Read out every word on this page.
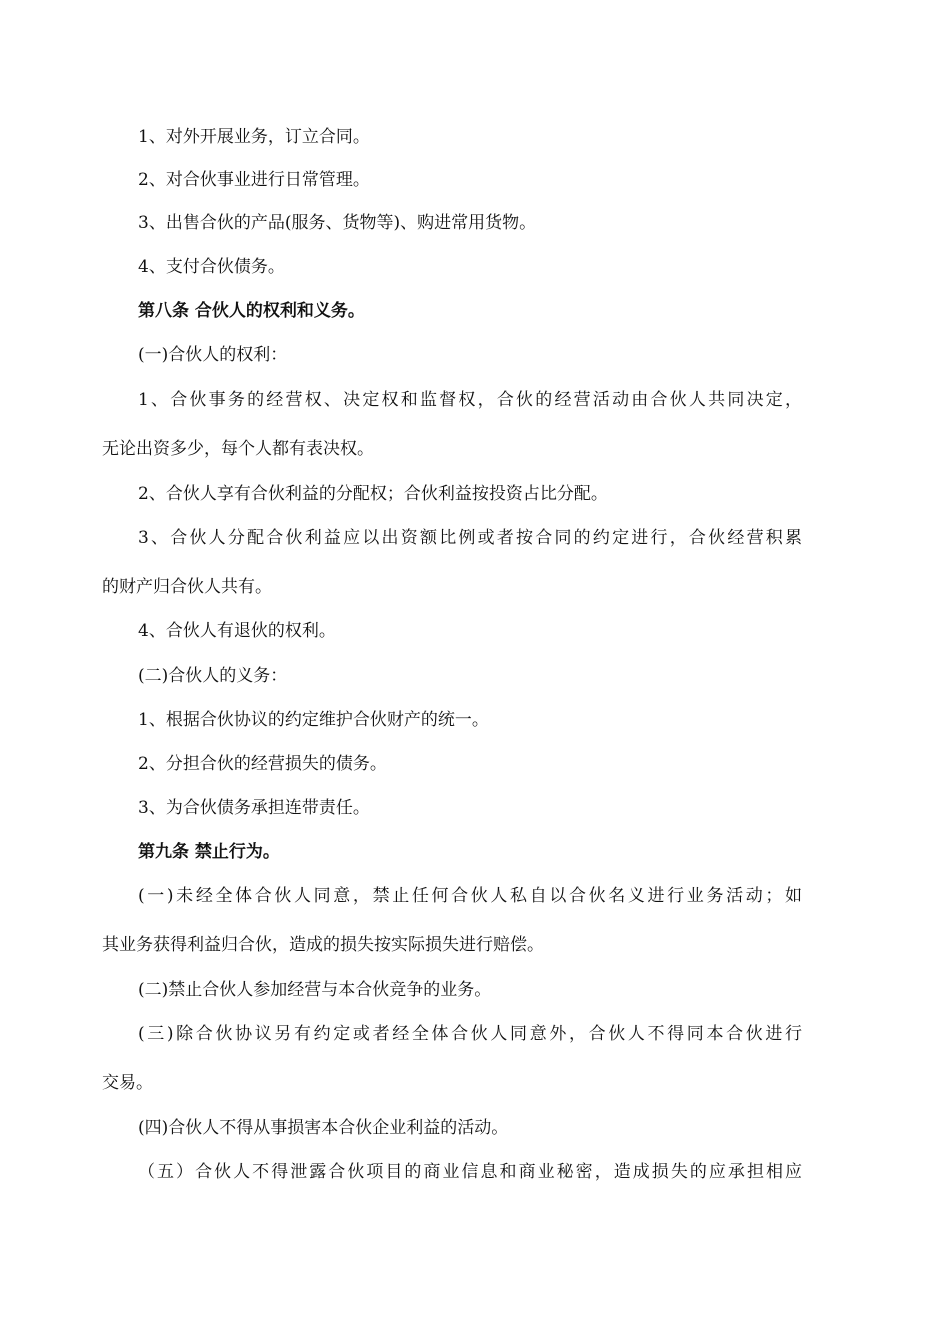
1、对外开展业务，订立合同。
2、对合伙事业进行日常管理。
3、出售合伙的产品(服务、货物等)、购进常用货物。
4、支付合伙债务。
第八条 合伙人的权利和义务。
(一)合伙人的权利：
1、合伙事务的经营权、决定权和监督权，合伙的经营活动由合伙人共同决定，
无论出资多少，每个人都有表决权。
2、合伙人享有合伙利益的分配权；合伙利益按投资占比分配。
3、合伙人分配合伙利益应以出资额比例或者按合同的约定进行，合伙经营积累
的财产归合伙人共有。
4、合伙人有退伙的权利。
(二)合伙人的义务：
1、根据合伙协议的约定维护合伙财产的统一。
2、分担合伙的经营损失的债务。
3、为合伙债务承担连带责任。
第九条 禁止行为。
(一)未经全体合伙人同意，禁止任何合伙人私自以合伙名义进行业务活动；如
其业务获得利益归合伙，造成的损失按实际损失进行赔偿。
(二)禁止合伙人参加经营与本合伙竞争的业务。
(三)除合伙协议另有约定或者经全体合伙人同意外，合伙人不得同本合伙进行
交易。
(四)合伙人不得从事损害本合伙企业利益的活动。
（五）合伙人不得泄露合伙项目的商业信息和商业秘密，造成损失的应承担相应
